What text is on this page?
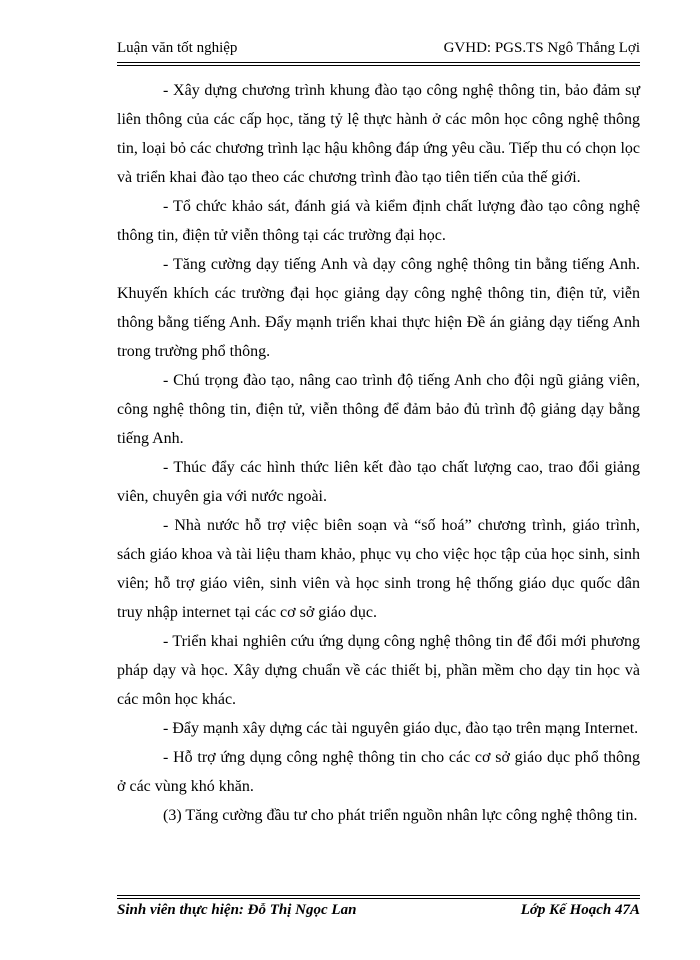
Luận văn tốt nghiệp	GVHD: PGS.TS Ngô Thắng Lợi

- Xây dựng chương trình khung đào tạo công nghệ thông tin, bảo đảm sự liên thông của các cấp học, tăng tỷ lệ thực hành ở các môn học công nghệ thông tin, loại bỏ các chương trình lạc hậu không đáp ứng yêu cầu. Tiếp thu có chọn lọc và triển khai đào tạo theo các chương trình đào tạo tiên tiến của thế giới.

- Tổ chức khảo sát, đánh giá và kiểm định chất lượng đào tạo công nghệ thông tin, điện tử viễn thông tại các trường đại học.

- Tăng cường dạy tiếng Anh và dạy công nghệ thông tin bằng tiếng Anh. Khuyến khích các trường đại học giảng dạy công nghệ thông tin, điện tử, viễn thông bằng tiếng Anh. Đẩy mạnh triển khai thực hiện Đề án giảng dạy tiếng Anh trong trường phổ thông.

- Chú trọng đào tạo, nâng cao trình độ tiếng Anh cho đội ngũ giảng viên, công nghệ thông tin, điện tử, viễn thông để đảm bảo đủ trình độ giảng dạy bằng tiếng Anh.

- Thúc đẩy các hình thức liên kết đào tạo chất lượng cao, trao đổi giảng viên, chuyên gia với nước ngoài.

- Nhà nước hỗ trợ việc biên soạn và “số hoá” chương trình, giáo trình, sách giáo khoa và tài liệu tham khảo, phục vụ cho việc học tập của học sinh, sinh viên; hỗ trợ giáo viên, sinh viên và học sinh trong hệ thống giáo dục quốc dân truy nhập internet tại các cơ sở giáo dục.

- Triển khai nghiên cứu ứng dụng công nghệ thông tin để đổi mới phương pháp dạy và học. Xây dựng chuẩn về các thiết bị, phần mềm cho dạy tin học và các môn học khác.

- Đẩy mạnh xây dựng các tài nguyên giáo dục, đào tạo trên mạng Internet.

- Hỗ trợ ứng dụng công nghệ thông tin cho các cơ sở giáo dục phổ thông ở các vùng khó khăn.

(3) Tăng cường đầu tư cho phát triển nguồn nhân lực công nghệ thông tin.

Sinh viên thực hiện: Đỗ Thị Ngọc Lan	Lớp Kế Hoạch 47A
